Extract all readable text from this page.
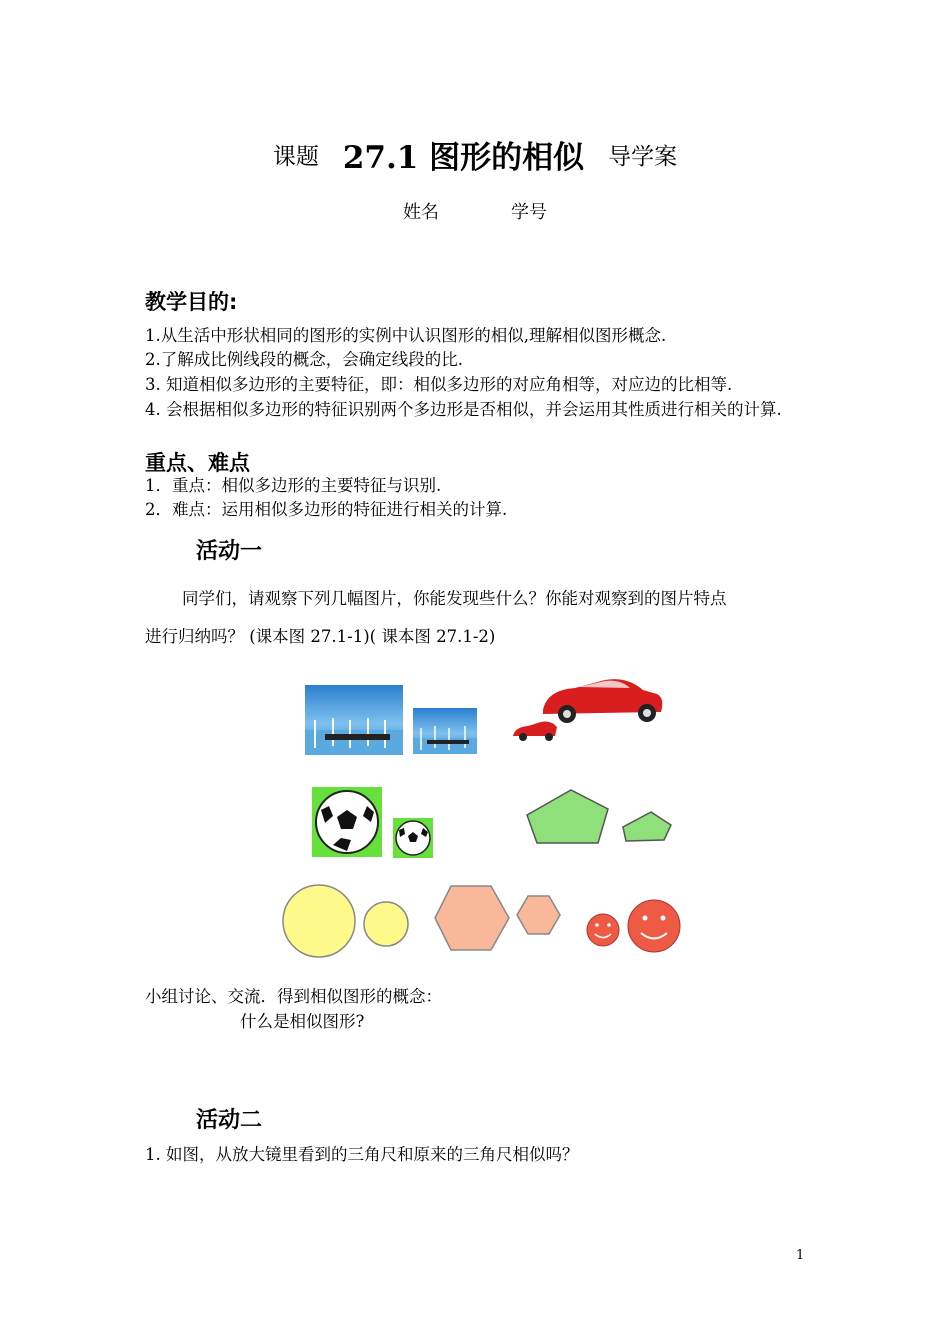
课题 27.1 图形的相似 导学案
姓名	学号
教学目的:
1.从生活中形状相同的图形的实例中认识图形的相似,理解相似图形概念.
2.了解成比例线段的概念，会确定线段的比.
3. 知道相似多边形的主要特征，即：相似多边形的对应角相等，对应边的比相等.
4. 会根据相似多边形的特征识别两个多边形是否相似，并会运用其性质进行相关的计算.
重点、难点
1．重点：相似多边形的主要特征与识别.
2．难点：运用相似多边形的特征进行相关的计算.
活动一
同学们，请观察下列几幅图片，你能发现些什么？你能对观察到的图片特点
进行归纳吗？ (课本图 27.1-1)( 课本图 27.1-2)
小组讨论、交流．得到相似图形的概念：
什么是相似图形?
活动二
1. 如图，从放大镜里看到的三角尺和原来的三角尺相似吗？
1
